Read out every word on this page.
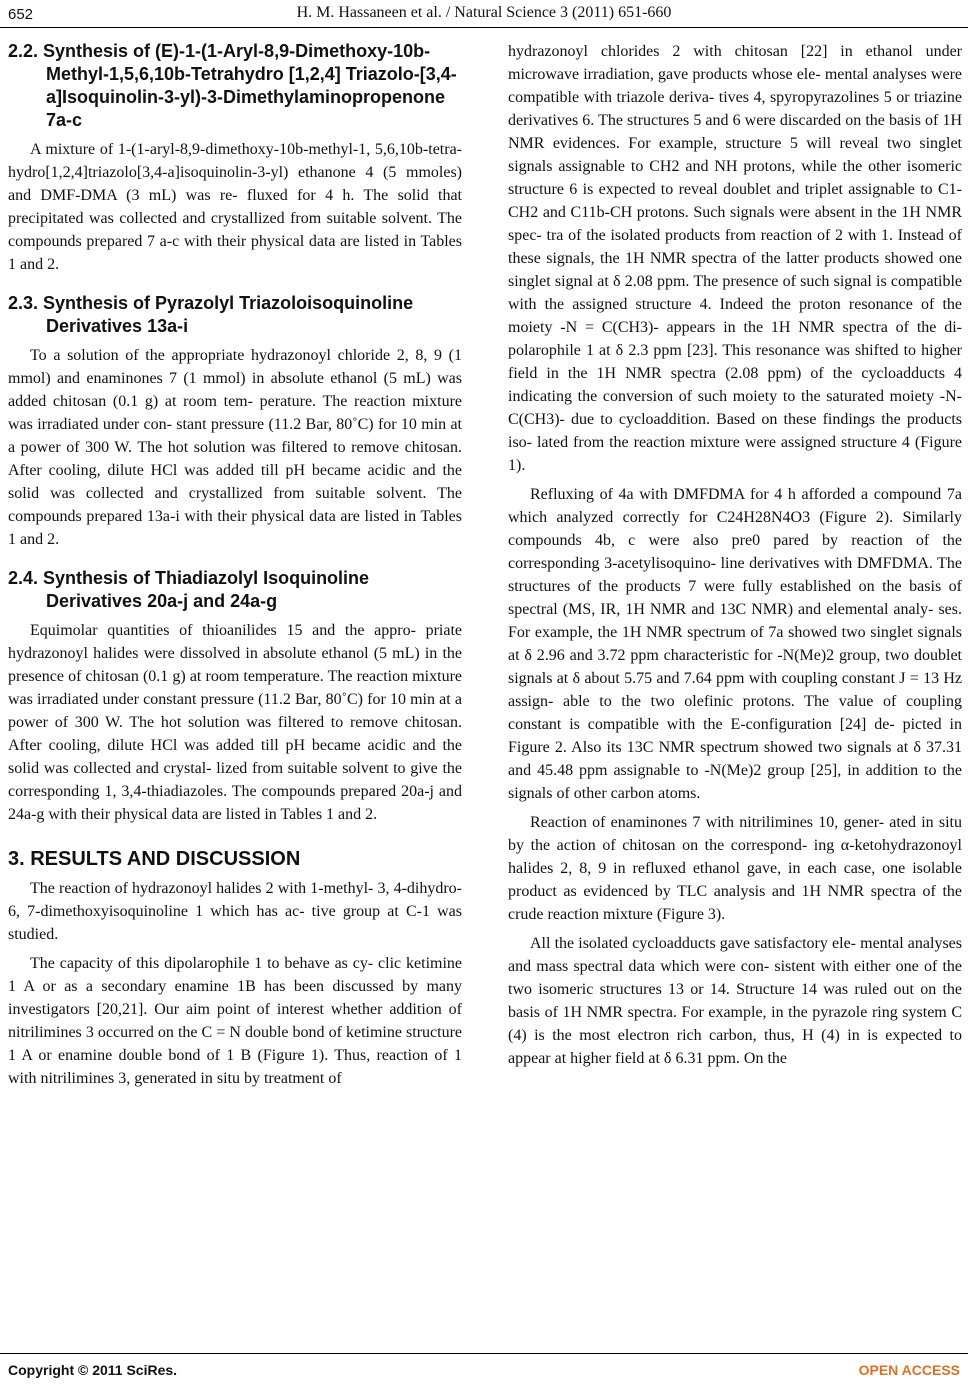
652	H. M. Hassaneen et al. / Natural Science 3 (2011) 651-660
2.2. Synthesis of (E)-1-(1-Aryl-8,9-Dimethoxy-10b-Methyl-1,5,6,10b-Tetrahydro [1,2,4] Triazolo-[3,4-a]Isoquinolin-3-yl)-3-Dimethylaminopropenone 7a-c

A mixture of 1-(1-aryl-8,9-dimethoxy-10b-methyl-1, 5,6,10b-tetra-hydro[1,2,4]triazolo[3,4-a]isoquinolin-3-yl) ethanone 4 (5 mmoles) and DMF-DMA (3 mL) was re- fluxed for 4 h. The solid that precipitated was collected and crystallized from suitable solvent. The compounds prepared 7 a-c with their physical data are listed in Tables 1 and 2.

2.3. Synthesis of Pyrazolyl Triazoloisoquinoline Derivatives 13a-i

To a solution of the appropriate hydrazonoyl chloride 2, 8, 9 (1 mmol) and enaminones 7 (1 mmol) in absolute ethanol (5 mL) was added chitosan (0.1 g) at room tem- perature. The reaction mixture was irradiated under con- stant pressure (11.2 Bar, 80˚C) for 10 min at a power of 300 W. The hot solution was filtered to remove chitosan. After cooling, dilute HCl was added till pH became acidic and the solid was collected and crystallized from suitable solvent. The compounds prepared 13a-i with their physical data are listed in Tables 1 and 2.

2.4. Synthesis of Thiadiazolyl Isoquinoline Derivatives 20a-j and 24a-g

Equimolar quantities of thioanilides 15 and the appro- priate hydrazonoyl halides were dissolved in absolute ethanol (5 mL) in the presence of chitosan (0.1 g) at room temperature. The reaction mixture was irradiated under constant pressure (11.2 Bar, 80˚C) for 10 min at a power of 300 W. The hot solution was filtered to remove chitosan. After cooling, dilute HCl was added till pH became acidic and the solid was collected and crystal- lized from suitable solvent to give the corresponding 1, 3,4-thiadiazoles. The compounds prepared 20a-j and 24a-g with their physical data are listed in Tables 1 and 2.

3. RESULTS AND DISCUSSION

The reaction of hydrazonoyl halides 2 with 1-methyl- 3, 4-dihydro-6, 7-dimethoxyisoquinoline 1 which has ac- tive group at C-1 was studied.

The capacity of this dipolarophile 1 to behave as cy- clic ketimine 1 A or as a secondary enamine 1B has been discussed by many investigators [20,21]. Our aim point of interest whether addition of nitrilimines 3 occurred on the C = N double bond of ketimine structure 1 A or enamine double bond of 1 B (Figure 1). Thus, reaction of 1 with nitrilimines 3, generated in situ by treatment of

hydrazonoyl chlorides 2 with chitosan [22] in ethanol under microwave irradiation, gave products whose ele- mental analyses were compatible with triazole deriva- tives 4, spyropyrazolines 5 or triazine derivatives 6. The structures 5 and 6 were discarded on the basis of 1H NMR evidences. For example, structure 5 will reveal two singlet signals assignable to CH2 and NH protons, while the other isomeric structure 6 is expected to reveal doublet and triplet assignable to C1-CH2 and C11b-CH protons. Such signals were absent in the 1H NMR spec- tra of the isolated products from reaction of 2 with 1. Instead of these signals, the 1H NMR spectra of the latter products showed one singlet signal at δ 2.08 ppm. The presence of such signal is compatible with the assigned structure 4. Indeed the proton resonance of the moiety -N = C(CH3)- appears in the 1H NMR spectra of the di- polarophile 1 at δ 2.3 ppm [23]. This resonance was shifted to higher field in the 1H NMR spectra (2.08 ppm) of the cycloadducts 4 indicating the conversion of such moiety to the saturated moiety -N-C(CH3)- due to cycloaddition. Based on these findings the products iso- lated from the reaction mixture were assigned structure 4 (Figure 1).

Refluxing of 4a with DMFDMA for 4 h afforded a compound 7a which analyzed correctly for C24H28N4O3 (Figure 2). Similarly compounds 4b, c were also pre0 pared by reaction of the corresponding 3-acetylisoquino- line derivatives with DMFDMA. The structures of the products 7 were fully established on the basis of spectral (MS, IR, 1H NMR and 13C NMR) and elemental analy- ses. For example, the 1H NMR spectrum of 7a showed two singlet signals at δ 2.96 and 3.72 ppm characteristic for -N(Me)2 group, two doublet signals at δ about 5.75 and 7.64 ppm with coupling constant J = 13 Hz assign- able to the two olefinic protons. The value of coupling constant is compatible with the E-configuration [24] de- picted in Figure 2. Also its 13C NMR spectrum showed two signals at δ 37.31 and 45.48 ppm assignable to -N(Me)2 group [25], in addition to the signals of other carbon atoms.

Reaction of enaminones 7 with nitrilimines 10, gener- ated in situ by the action of chitosan on the correspond- ing α-ketohydrazonoyl halides 2, 8, 9 in refluxed ethanol gave, in each case, one isolable product as evidenced by TLC analysis and 1H NMR spectra of the crude reaction mixture (Figure 3).

All the isolated cycloadducts gave satisfactory ele- mental analyses and mass spectral data which were con- sistent with either one of the two isomeric structures 13 or 14. Structure 14 was ruled out on the basis of 1H NMR spectra. For example, in the pyrazole ring system C (4) is the most electron rich carbon, thus, H (4) in is expected to appear at higher field at δ 6.31 ppm. On the

Copyright © 2011 SciRes.	OPEN ACCESS
